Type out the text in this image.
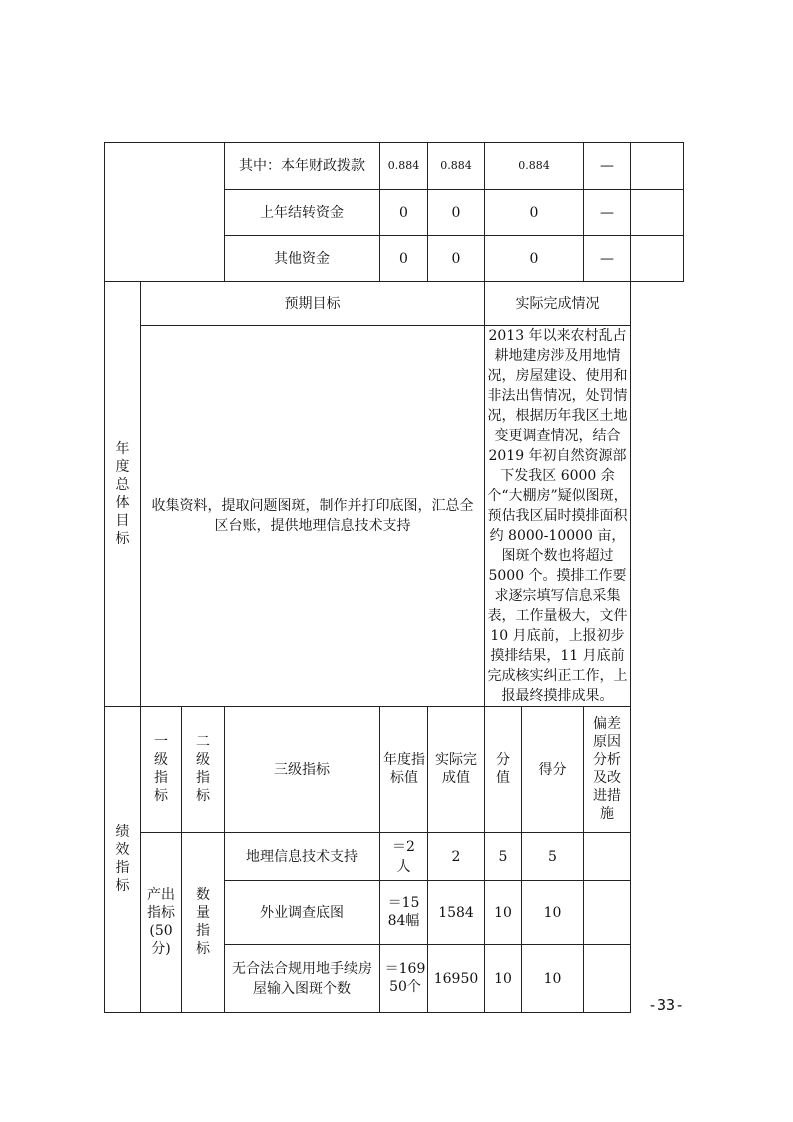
			其中：本年财政拨款	0.884	0.884	0.884		—	
			上年结转资金	0	0	0		—	
			其他资金	0	0	0		—	
年度总体目标	预期目标					实际完成情况			
	收集资料，提取问题图斑，制作并打印底图，汇总全区台账，提供地理信息技术支持					2013 年以来农村乱占耕地建房涉及用地情况，房屋建设、使用和非法出售情况，处罚情况，根据历年我区土地变更调查情况，结合 2019 年初自然资源部下发我区 6000 余个“大棚房”疑似图斑，预估我区届时摸排面积约 8000-10000 亩，图斑个数也将超过 5000 个。摸排工作要求逐宗填写信息采集表，工作量极大，文件 10 月底前，上报初步摸排结果，11 月底前完成核实纠正工作，上报最终摸排成果。			
绩效指标	一级指标	二级指标	三级指标	年度指标值	实际完成值	分值	得分	偏差原因分析及改进措施	
	产出指标(50分)	数量指标	地理信息技术支持	＝2 人	2	5	5		
			外业调查底图	＝1584幅	1584	10	10		
			无合法合规用地手续房屋输入图斑个数	＝16950个	16950	10	10		
-33-
